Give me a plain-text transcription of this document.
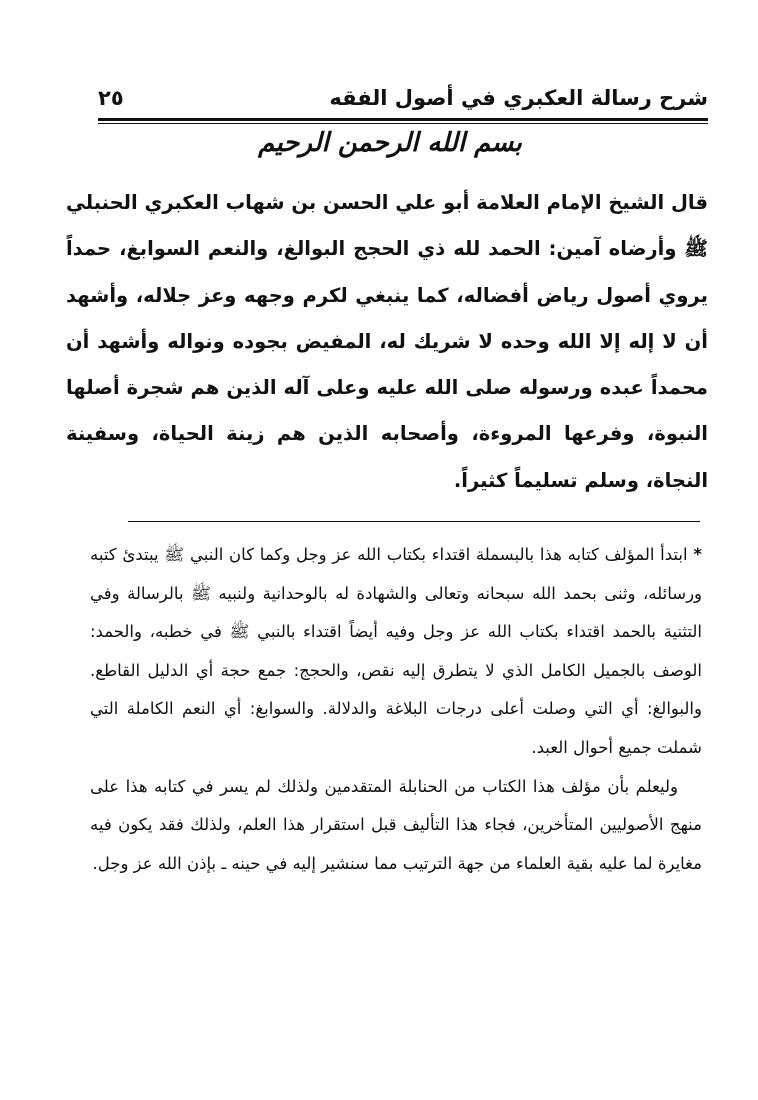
شرح رسالة العكبري في أصول الفقه
٢٥
بسم الله الرحمن الرحيم

قال الشيخ الإمام العلامة أبو علي الحسن بن شهاب العكبري الحنبلي ﷺ وأرضاه آمين: الحمد لله ذي الحجج البوالغ، والنعم السوابغ، حمداً يروي أصول رياض أفضاله، كما ينبغي لكرم وجهه وعز جلاله، وأشهد أن لا إله إلا الله وحده لا شريك له، المفيض بجوده ونواله وأشهد أن محمداً عبده ورسوله صلى الله عليه وعلى آله الذين هم شجرة أصلها النبوة، وفرعها المروءة، وأصحابه الذين هم زينة الحياة، وسفينة النجاة، وسلم تسليماً كثيراً.

* ابتدأ المؤلف كتابه هذا بالبسملة اقتداء بكتاب الله عز وجل وكما كان النبي ﷺ يبتدئ كتبه ورسائله، وثنى بحمد الله سبحانه وتعالى والشهادة له بالوحدانية ولنبيه ﷺ بالرسالة وفي التثنية بالحمد اقتداء بكتاب الله عز وجل وفيه أيضاً اقتداء بالنبي ﷺ في خطبه، والحمد: الوصف بالجميل الكامل الذي لا يتطرق إليه نقص، والحجج: جمع حجة أي الدليل القاطع. والبوالغ: أي التي وصلت أعلى درجات البلاغة والدلالة. والسوابغ: أي النعم الكاملة التي شملت جميع أحوال العبد.

وليعلم بأن مؤلف هذا الكتاب من الحنابلة المتقدمين ولذلك لم يسر في كتابه هذا على منهج الأصوليين المتأخرين، فجاء هذا التأليف قبل استقرار هذا العلم، ولذلك فقد يكون فيه مغايرة لما عليه بقية العلماء من جهة الترتيب مما سنشير إليه في حينه ـ بإذن الله عز وجل.
